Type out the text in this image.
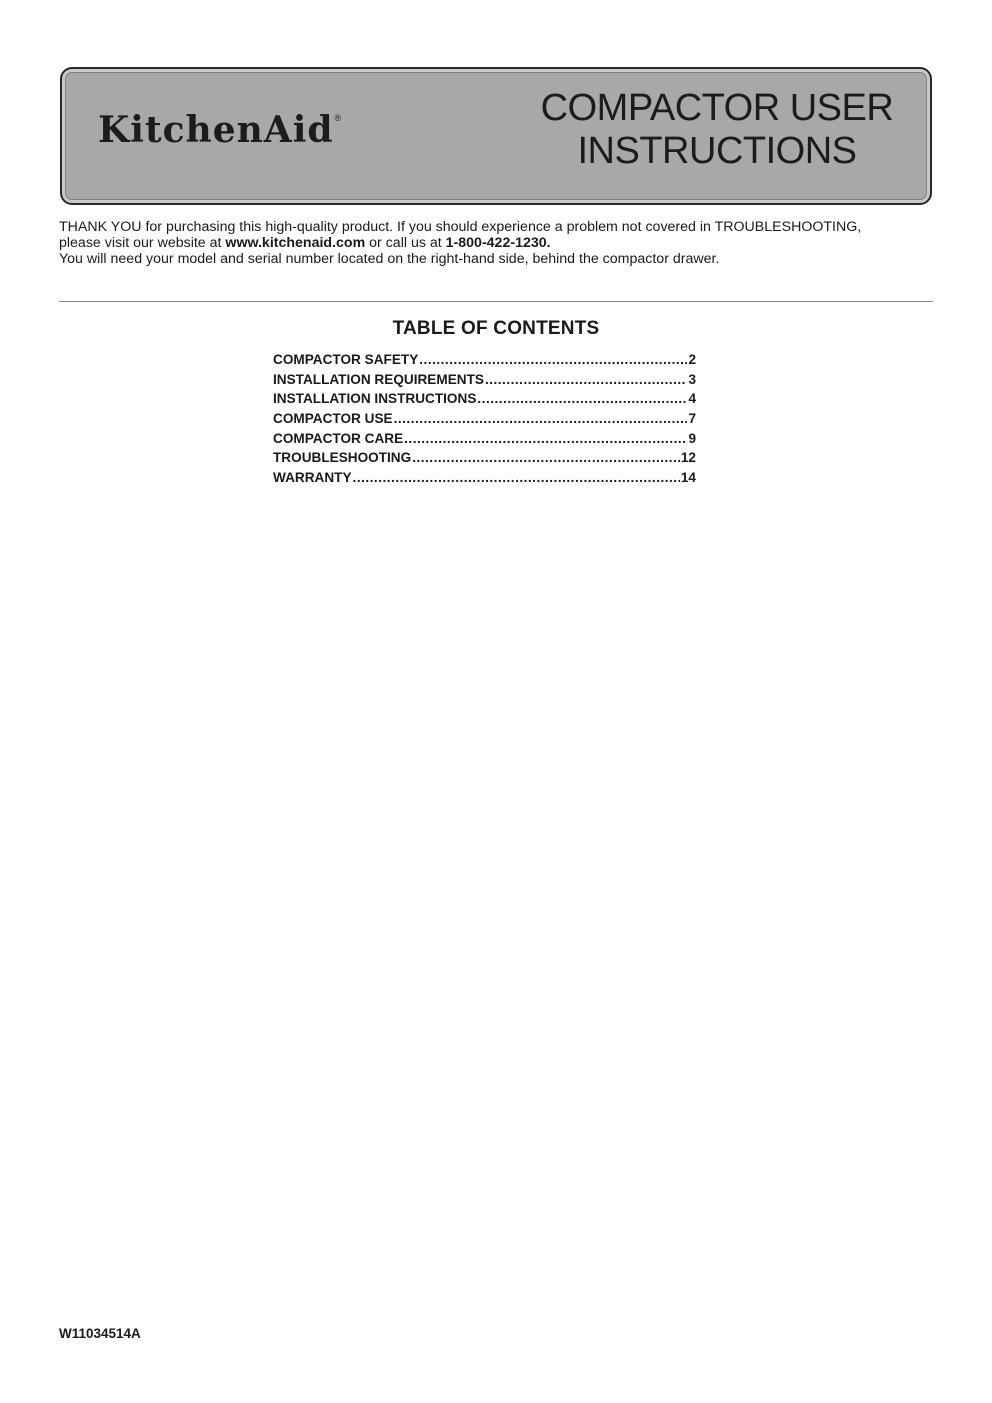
KitchenAid®	COMPACTOR USER
INSTRUCTIONS

THANK YOU for purchasing this high-quality product. If you should experience a problem not covered in TROUBLESHOOTING,

please visit our website at www.kitchenaid.com or call us at 1-800-422-1230.

You will need your model and serial number located on the right-hand side, behind the compactor drawer.

TABLE OF CONTENTS
COMPACTOR SAFETY .....	2
INSTALLATION REQUIREMENTS .....	3
INSTALLATION INSTRUCTIONS .....	4
COMPACTOR USE .....	7
COMPACTOR CARE .....	9
TROUBLESHOOTING .....	12
WARRANTY .....	14
W11034514A
